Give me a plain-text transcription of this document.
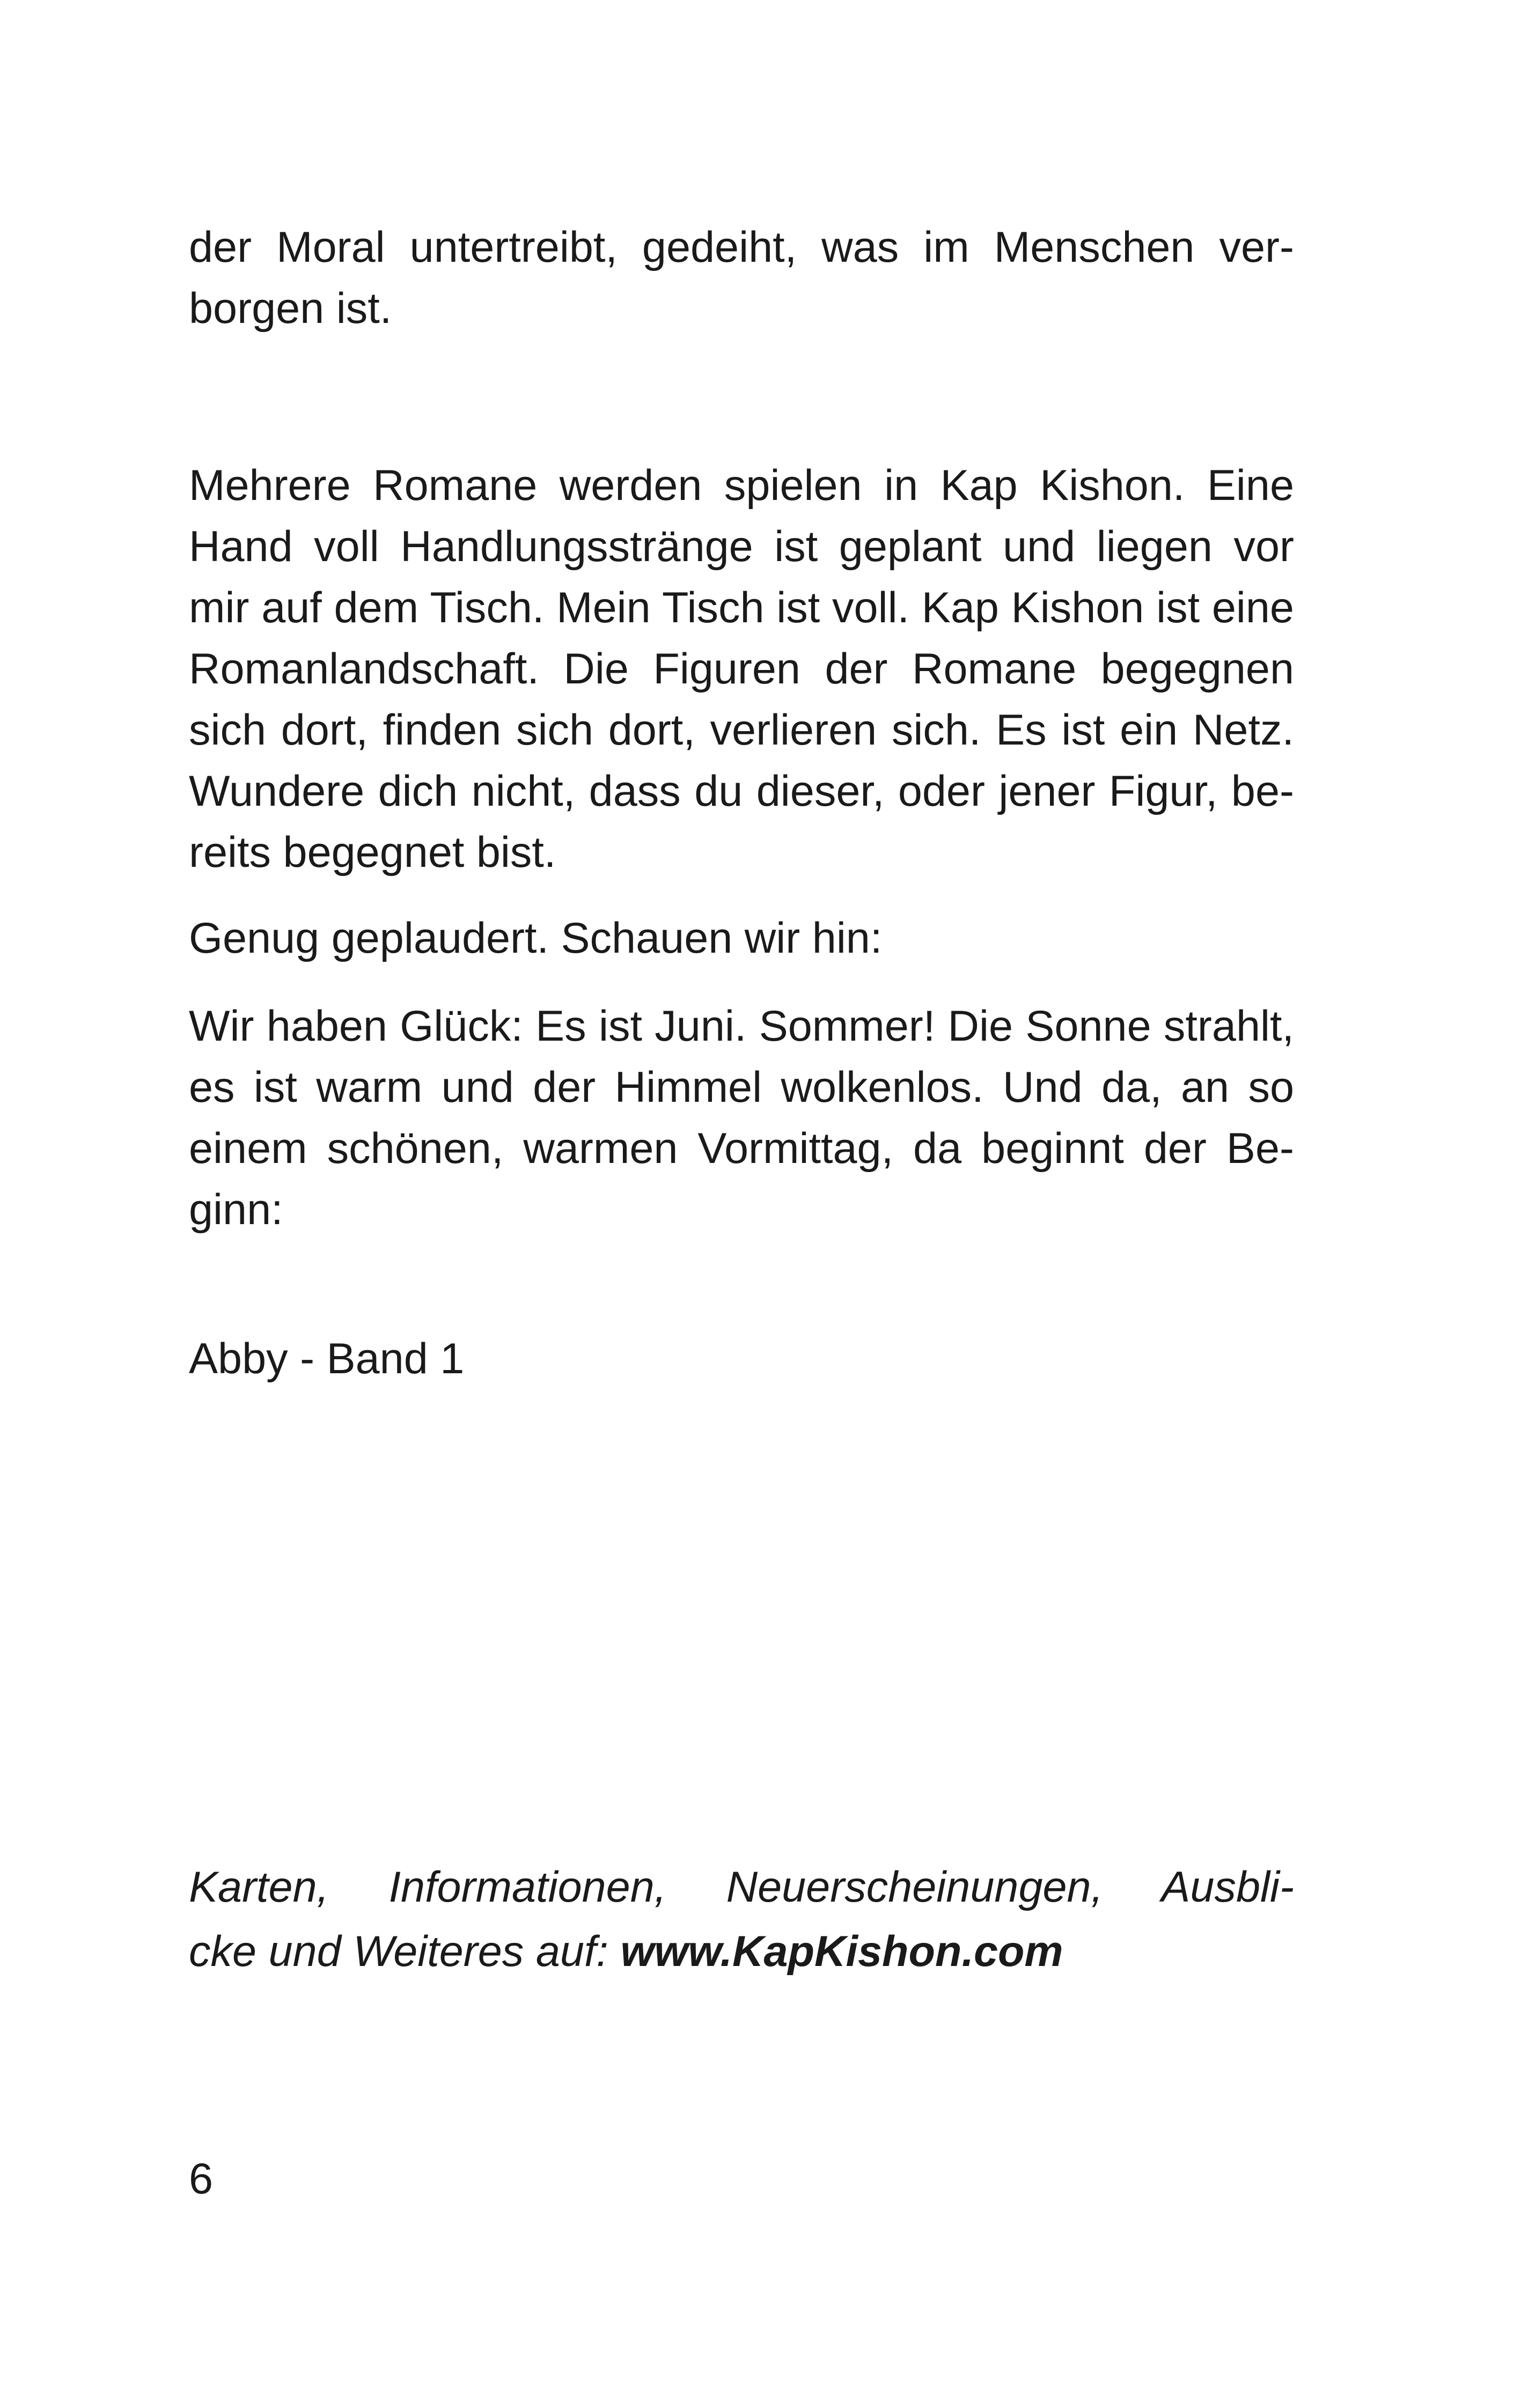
der Moral untertreibt, gedeiht, was im Menschen ver-
borgen ist.
Mehrere Romane werden spielen in Kap Kishon. Eine
Hand voll Handlungsstränge ist geplant und liegen vor
mir auf dem Tisch. Mein Tisch ist voll. Kap Kishon ist eine
Romanlandschaft. Die Figuren der Romane begegnen
sich dort, finden sich dort, verlieren sich. Es ist ein Netz.
Wundere dich nicht, dass du dieser, oder jener Figur, be-
reits begegnet bist.
Genug geplaudert. Schauen wir hin:
Wir haben Glück: Es ist Juni. Sommer! Die Sonne strahlt,
es ist warm und der Himmel wolkenlos. Und da, an so
einem schönen, warmen Vormittag, da beginnt der Be-
ginn:
Abby - Band 1
Karten, Informationen, Neuerscheinungen, Ausbli-
cke und Weiteres auf: www.KapKishon.com
6
